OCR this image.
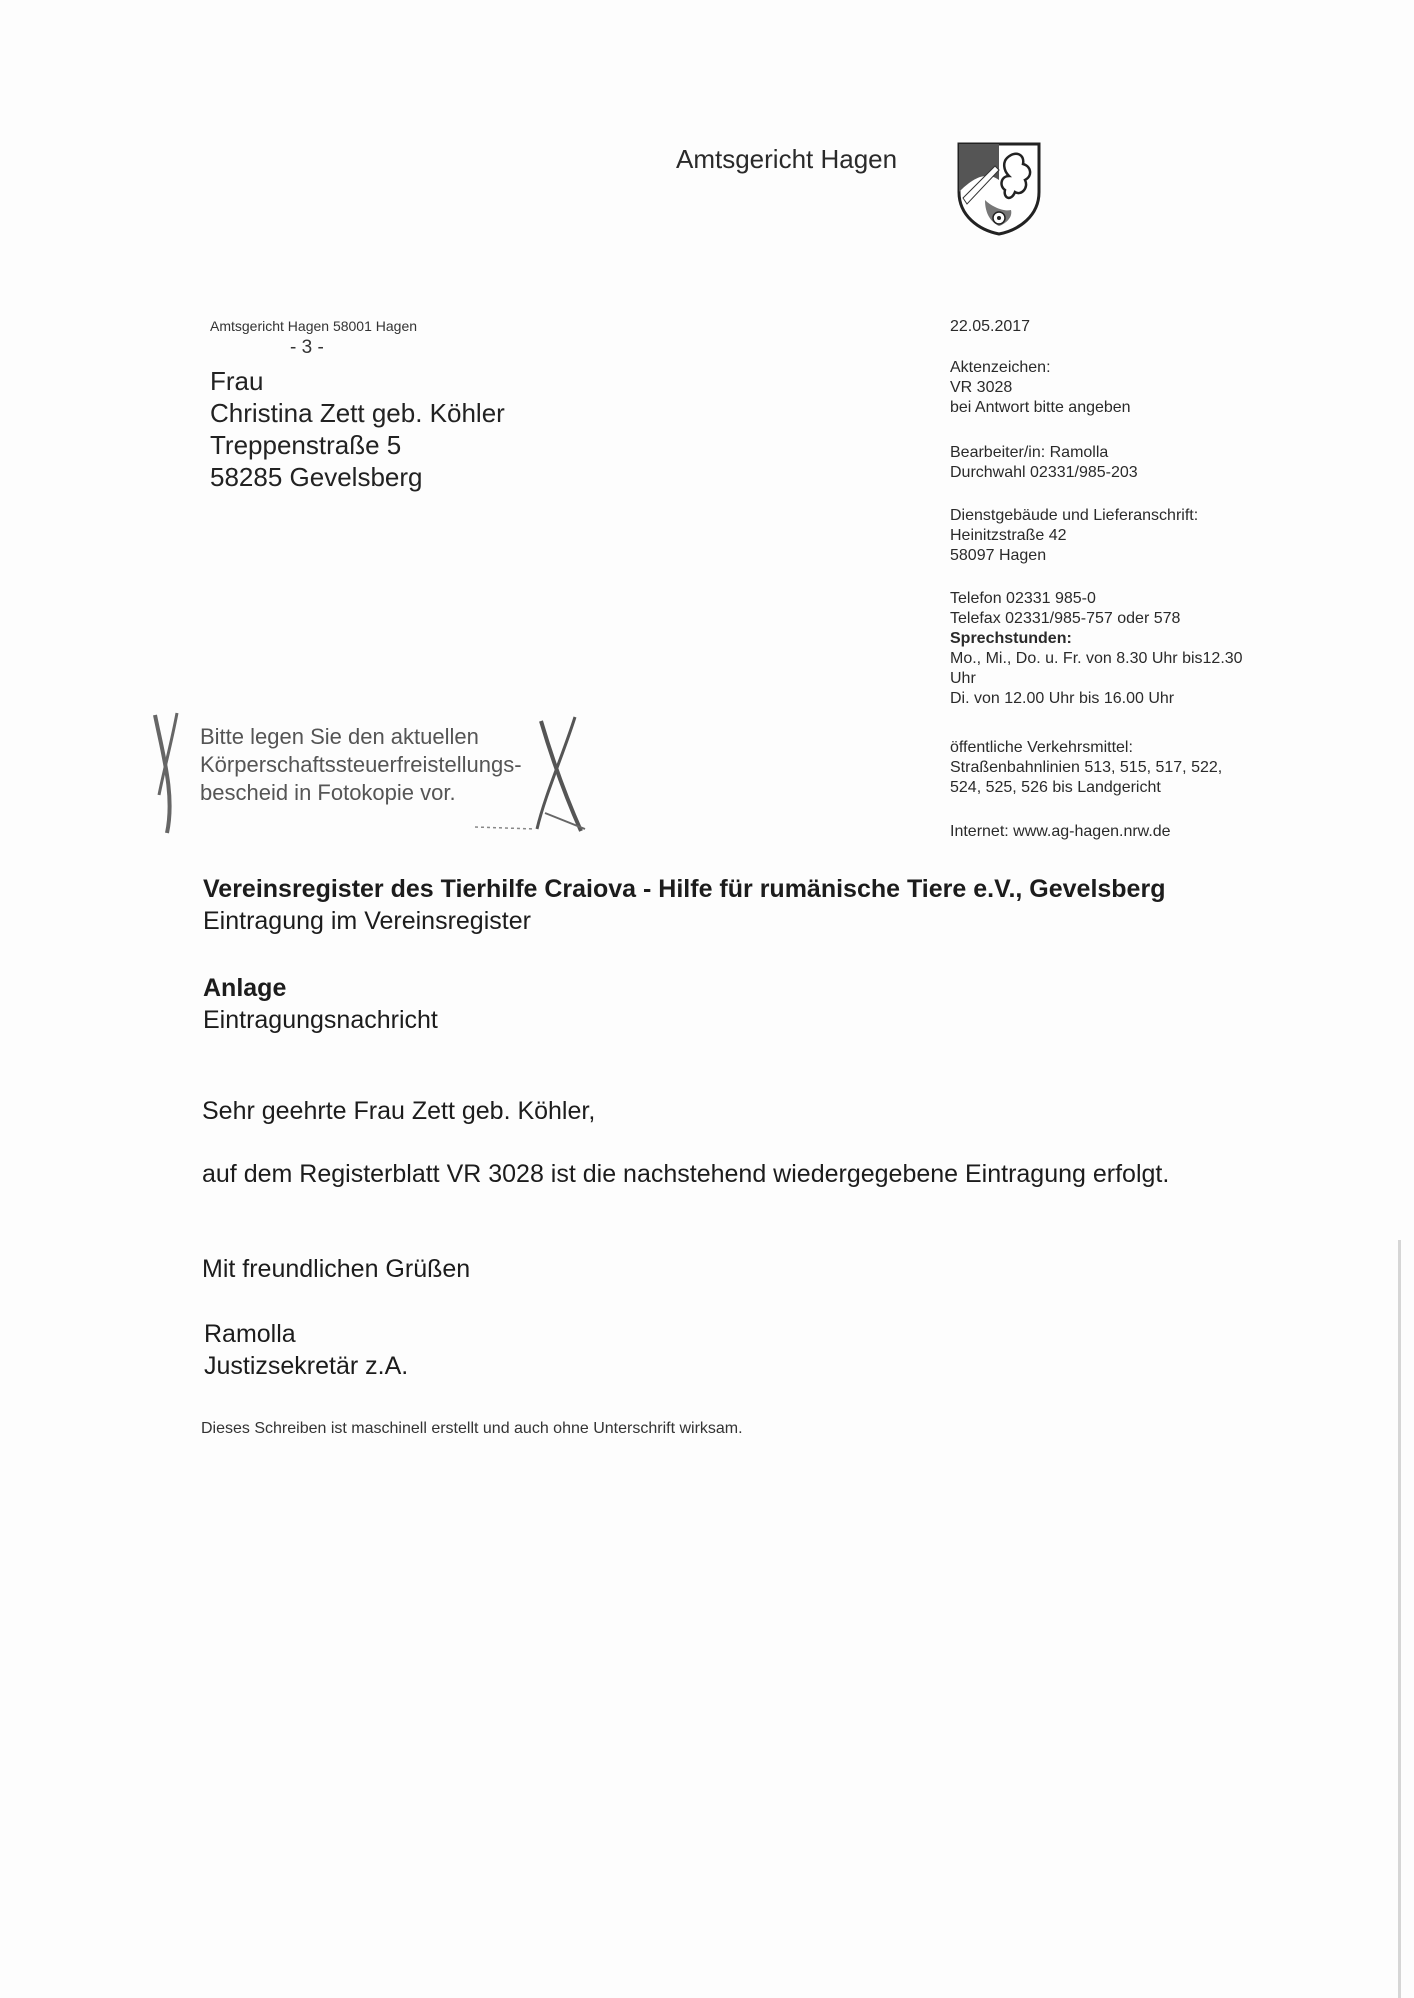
Amtsgericht Hagen
Amtsgericht Hagen 58001 Hagen
- 3 -
Frau
Christina Zett geb. Köhler
Treppenstraße 5
58285 Gevelsberg
22.05.2017
Aktenzeichen:
VR 3028
bei Antwort bitte angeben
Bearbeiter/in: Ramolla
Durchwahl 02331/985-203
Dienstgebäude und Lieferanschrift:
Heinitzstraße 42
58097 Hagen
Telefon 02331 985-0
Telefax 02331/985-757 oder 578
Sprechstunden:
Mo., Mi., Do. u. Fr. von 8.30 Uhr bis12.30
Uhr
Di. von 12.00 Uhr bis 16.00 Uhr
öffentliche Verkehrsmittel:
Straßenbahnlinien 513, 515, 517, 522,
524, 525, 526 bis Landgericht
Internet: www.ag-hagen.nrw.de
Bitte legen Sie den aktuellen
Körperschaftssteuerfreistellungs-
bescheid in Fotokopie vor.
Vereinsregister des Tierhilfe Craiova - Hilfe für rumänische Tiere e.V., Gevelsberg
Eintragung im Vereinsregister
Anlage
Eintragungsnachricht
Sehr geehrte Frau Zett geb. Köhler,
auf dem Registerblatt VR 3028 ist die nachstehend wiedergegebene Eintragung erfolgt.
Mit freundlichen Grüßen
Ramolla
Justizsekretär z.A.
Dieses Schreiben ist maschinell erstellt und auch ohne Unterschrift wirksam.
